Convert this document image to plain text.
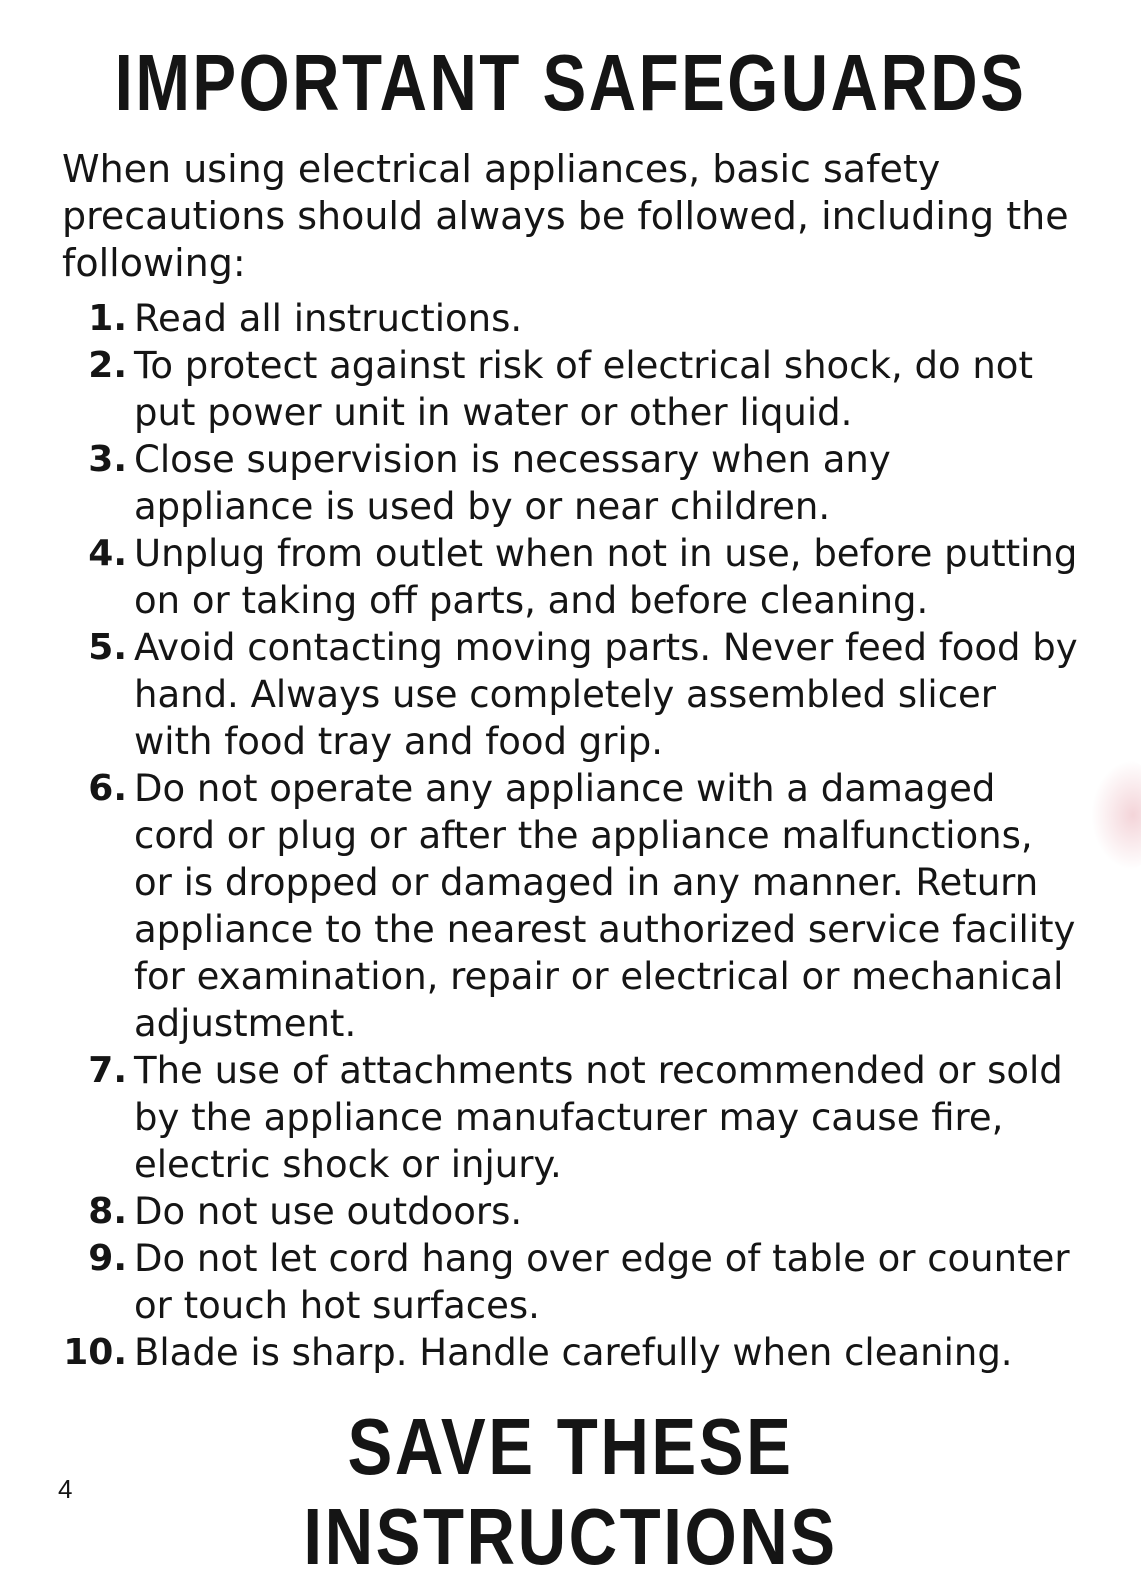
IMPORTANT SAFEGUARDS

When using electrical appliances, basic safety precautions should always be followed, including the following:

1. Read all instructions.
2. To protect against risk of electrical shock, do not put power unit in water or other liquid.
3. Close supervision is necessary when any appliance is used by or near children.
4. Unplug from outlet when not in use, before putting on or taking off parts, and before cleaning.
5. Avoid contacting moving parts. Never feed food by hand. Always use completely assembled slicer with food tray and food grip.
6. Do not operate any appliance with a damaged cord or plug or after the appliance malfunctions, or is dropped or damaged in any manner. Return appliance to the nearest authorized service facility for examination, repair or electrical or mechanical adjustment.
7. The use of attachments not recommended or sold by the appliance manufacturer may cause fire, electric shock or injury.
8. Do not use outdoors.
9. Do not let cord hang over edge of table or counter or touch hot surfaces.
10. Blade is sharp. Handle carefully when cleaning.
SAVE THESE INSTRUCTIONS
4
